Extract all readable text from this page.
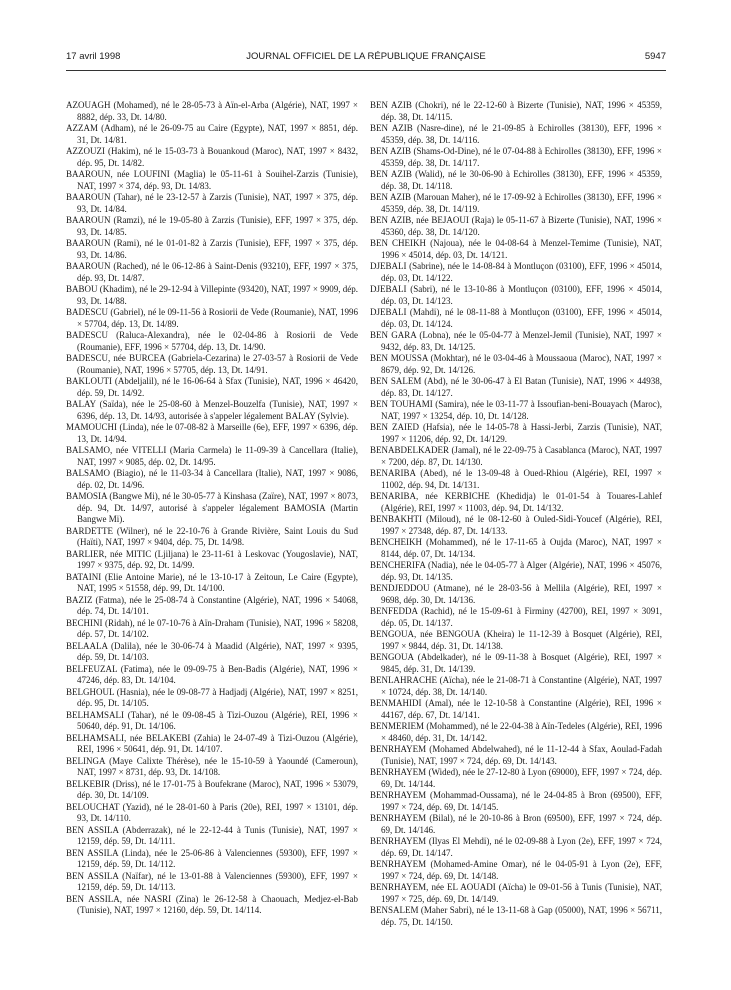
17 avril 1998	JOURNAL OFFICIEL DE LA RÉPUBLIQUE FRANÇAISE	5947

AZOUAGH (Mohamed), né le 28-05-73 à Aïn-el-Arba (Algérie), NAT, 1997 × 8882, dép. 33, Dt. 14/80.

AZZAM (Adham), né le 26-09-75 au Caire (Egypte), NAT, 1997 × 8851, dép. 31, Dt. 14/81.

AZZOUZI (Hakim), né le 15-03-73 à Bouankoud (Maroc), NAT, 1997 × 8432, dép. 95, Dt. 14/82.

BAAROUN, née LOUFINI (Maglia) le 05-11-61 à Souihel-Zarzis (Tunisie), NAT, 1997 × 374, dép. 93, Dt. 14/83.

BAAROUN (Tahar), né le 23-12-57 à Zarzis (Tunisie), NAT, 1997 × 375, dép. 93, Dt. 14/84.

BAAROUN (Ramzi), né le 19-05-80 à Zarzis (Tunisie), EFF, 1997 × 375, dép. 93, Dt. 14/85.

BAAROUN (Rami), né le 01-01-82 à Zarzis (Tunisie), EFF, 1997 × 375, dép. 93, Dt. 14/86.

BAAROUN (Rached), né le 06-12-86 à Saint-Denis (93210), EFF, 1997 × 375, dép. 93, Dt. 14/87.

BABOU (Khadim), né le 29-12-94 à Villepinte (93420), NAT, 1997 × 9909, dép. 93, Dt. 14/88.

BADESCU (Gabriel), né le 09-11-56 à Rosiorii de Vede (Roumanie), NAT, 1996 × 57704, dép. 13, Dt. 14/89.

BADESCU (Raluca-Alexandra), née le 02-04-86 à Rosiorii de Vede (Roumanie), EFF, 1996 × 57704, dép. 13, Dt. 14/90.

BADESCU, née BURCEA (Gabriela-Cezarina) le 27-03-57 à Rosiorii de Vede (Roumanie), NAT, 1996 × 57705, dép. 13, Dt. 14/91.

BAKLOUTI (Abdeljalil), né le 16-06-64 à Sfax (Tunisie), NAT, 1996 × 46420, dép. 59, Dt. 14/92.

BALAY (Saïda), née le 25-08-60 à Menzel-Bouzelfa (Tunisie), NAT, 1997 × 6396, dép. 13, Dt. 14/93, autorisée à s'appeler légalement BALAY (Sylvie).

MAMOUCHI (Linda), née le 07-08-82 à Marseille (6e), EFF, 1997 × 6396, dép. 13, Dt. 14/94.

BALSAMO, née VITELLI (Maria Carmela) le 11-09-39 à Cancellara (Italie), NAT, 1997 × 9085, dép. 02, Dt. 14/95.

BALSAMO (Biagio), né le 11-03-34 à Cancellara (Italie), NAT, 1997 × 9086, dép. 02, Dt. 14/96.

BAMOSIA (Bangwe Mi), né le 30-05-77 à Kinshasa (Zaïre), NAT, 1997 × 8073, dép. 94, Dt. 14/97, autorisé à s'appeler légalement BAMOSIA (Martin Bangwe Mi).

BARDETTE (Wilner), né le 22-10-76 à Grande Rivière, Saint Louis du Sud (Haïti), NAT, 1997 × 9404, dép. 75, Dt. 14/98.

BARLIER, née MITIC (Ljiljana) le 23-11-61 à Leskovac (Yougoslavie), NAT, 1997 × 9375, dép. 92, Dt. 14/99.

BATAINI (Elie Antoine Marie), né le 13-10-17 à Zeitoun, Le Caire (Egypte), NAT, 1995 × 51558, dép. 99, Dt. 14/100.

BAZIZ (Fatma), née le 25-08-74 à Constantine (Algérie), NAT, 1996 × 54068, dép. 74, Dt. 14/101.

BECHINI (Ridah), né le 07-10-76 à Aïn-Draham (Tunisie), NAT, 1996 × 58208, dép. 57, Dt. 14/102.

BELAALA (Dalila), née le 30-06-74 à Maadid (Algérie), NAT, 1997 × 9395, dép. 59, Dt. 14/103.

BELFEUZAL (Fatima), née le 09-09-75 à Ben-Badis (Algérie), NAT, 1996 × 47246, dép. 83, Dt. 14/104.

BELGHOUL (Hasnia), née le 09-08-77 à Hadjadj (Algérie), NAT, 1997 × 8251, dép. 95, Dt. 14/105.

BELHAMSALI (Tahar), né le 09-08-45 à Tizi-Ouzou (Algérie), REI, 1996 × 50640, dép. 91, Dt. 14/106.

BELHAMSALI, née BELAKEBI (Zahia) le 24-07-49 à Tizi-Ouzou (Algérie), REI, 1996 × 50641, dép. 91, Dt. 14/107.

BELINGA (Maye Calixte Thérèse), née le 15-10-59 à Yaoundé (Cameroun), NAT, 1997 × 8731, dép. 93, Dt. 14/108.

BELKEBIR (Driss), né le 17-01-75 à Boufekrane (Maroc), NAT, 1996 × 53079, dép. 30, Dt. 14/109.

BELOUCHAT (Yazid), né le 28-01-60 à Paris (20e), REI, 1997 × 13101, dép. 93, Dt. 14/110.

BEN ASSILA (Abderrazak), né le 22-12-44 à Tunis (Tunisie), NAT, 1997 × 12159, dép. 59, Dt. 14/111.

BEN ASSILA (Linda), née le 25-06-86 à Valenciennes (59300), EFF, 1997 × 12159, dép. 59, Dt. 14/112.

BEN ASSILA (Naïfar), né le 13-01-88 à Valenciennes (59300), EFF, 1997 × 12159, dép. 59, Dt. 14/113.

BEN ASSILA, née NASRI (Zina) le 26-12-58 à Chaouach, Medjez-el-Bab (Tunisie), NAT, 1997 × 12160, dép. 59, Dt. 14/114.

BEN AZIB (Chokri), né le 22-12-60 à Bizerte (Tunisie), NAT, 1996 × 45359, dép. 38, Dt. 14/115.

BEN AZIB (Nasre-dine), né le 21-09-85 à Echirolles (38130), EFF, 1996 × 45359, dép. 38, Dt. 14/116.

BEN AZIB (Shams-Od-Dine), né le 07-04-88 à Echirolles (38130), EFF, 1996 × 45359, dép. 38, Dt. 14/117.

BEN AZIB (Walid), né le 30-06-90 à Echirolles (38130), EFF, 1996 × 45359, dép. 38, Dt. 14/118.

BEN AZIB (Marouan Maher), né le 17-09-92 à Echirolles (38130), EFF, 1996 × 45359, dép. 38, Dt. 14/119.

BEN AZIB, née BEJAOUI (Raja) le 05-11-67 à Bizerte (Tunisie), NAT, 1996 × 45360, dép. 38, Dt. 14/120.

BEN CHEIKH (Najoua), née le 04-08-64 à Menzel-Temime (Tunisie), NAT, 1996 × 45014, dép. 03, Dt. 14/121.

DJEBALI (Sabrine), née le 14-08-84 à Montluçon (03100), EFF, 1996 × 45014, dép. 03, Dt. 14/122.

DJEBALI (Sabri), né le 13-10-86 à Montluçon (03100), EFF, 1996 × 45014, dép. 03, Dt. 14/123.

DJEBALI (Mahdi), né le 08-11-88 à Montluçon (03100), EFF, 1996 × 45014, dép. 03, Dt. 14/124.

BEN GARA (Lobna), née le 05-04-77 à Menzel-Jemil (Tunisie), NAT, 1997 × 9432, dép. 83, Dt. 14/125.

BEN MOUSSA (Mokhtar), né le 03-04-46 à Moussaoua (Maroc), NAT, 1997 × 8679, dép. 92, Dt. 14/126.

BEN SALEM (Abd), né le 30-06-47 à El Batan (Tunisie), NAT, 1996 × 44938, dép. 83, Dt. 14/127.

BEN TOUHAMI (Samira), née le 03-11-77 à Issoufian-beni-Bouayach (Maroc), NAT, 1997 × 13254, dép. 10, Dt. 14/128.

BEN ZAIED (Hafsia), née le 14-05-78 à Hassi-Jerbi, Zarzis (Tunisie), NAT, 1997 × 11206, dép. 92, Dt. 14/129.

BENABDELKADER (Jamal), né le 22-09-75 à Casablanca (Maroc), NAT, 1997 × 7200, dép. 87, Dt. 14/130.

BENARIBA (Abed), né le 13-09-48 à Oued-Rhiou (Algérie), REI, 1997 × 11002, dép. 94, Dt. 14/131.

BENARIBA, née KERBICHE (Khedidja) le 01-01-54 à Touares-Lahlef (Algérie), REI, 1997 × 11003, dép. 94, Dt. 14/132.

BENBAKHTI (Miloud), né le 08-12-60 à Ouled-Sidi-Youcef (Algérie), REI, 1997 × 27348, dép. 87, Dt. 14/133.

BENCHEIKH (Mohammed), né le 17-11-65 à Oujda (Maroc), NAT, 1997 × 8144, dép. 07, Dt. 14/134.

BENCHERIFA (Nadia), née le 04-05-77 à Alger (Algérie), NAT, 1996 × 45076, dép. 93, Dt. 14/135.

BENDJEDDOU (Atmane), né le 28-03-56 à Mellila (Algérie), REI, 1997 × 9698, dép. 30, Dt. 14/136.

BENFEDDA (Rachid), né le 15-09-61 à Firminy (42700), REI, 1997 × 3091, dép. 05, Dt. 14/137.

BENGOUA, née BENGOUA (Kheira) le 11-12-39 à Bosquet (Algérie), REI, 1997 × 9844, dép. 31, Dt. 14/138.

BENGOUA (Abdelkader), né le 09-11-38 à Bosquet (Algérie), REI, 1997 × 9845, dép. 31, Dt. 14/139.

BENLAHRACHE (Aïcha), née le 21-08-71 à Constantine (Algérie), NAT, 1997 × 10724, dép. 38, Dt. 14/140.

BENMAHIDI (Amal), née le 12-10-58 à Constantine (Algérie), REI, 1996 × 44167, dép. 67, Dt. 14/141.

BENMERIEM (Mohammed), né le 22-04-38 à Aïn-Tedeles (Algérie), REI, 1996 × 48460, dép. 31, Dt. 14/142.

BENRHAYEM (Mohamed Abdelwahed), né le 11-12-44 à Sfax, Aoulad-Fadah (Tunisie), NAT, 1997 × 724, dép. 69, Dt. 14/143.

BENRHAYEM (Wided), née le 27-12-80 à Lyon (69000), EFF, 1997 × 724, dép. 69, Dt. 14/144.

BENRHAYEM (Mohammad-Oussama), né le 24-04-85 à Bron (69500), EFF, 1997 × 724, dép. 69, Dt. 14/145.

BENRHAYEM (Bilal), né le 20-10-86 à Bron (69500), EFF, 1997 × 724, dép. 69, Dt. 14/146.

BENRHAYEM (Ilyas El Mehdi), né le 02-09-88 à Lyon (2e), EFF, 1997 × 724, dép. 69, Dt. 14/147.

BENRHAYEM (Mohamed-Amine Omar), né le 04-05-91 à Lyon (2e), EFF, 1997 × 724, dép. 69, Dt. 14/148.

BENRHAYEM, née EL AOUADI (Aïcha) le 09-01-56 à Tunis (Tunisie), NAT, 1997 × 725, dép. 69, Dt. 14/149.

BENSALEM (Maher Sabri), né le 13-11-68 à Gap (05000), NAT, 1996 × 56711, dép. 75, Dt. 14/150.
